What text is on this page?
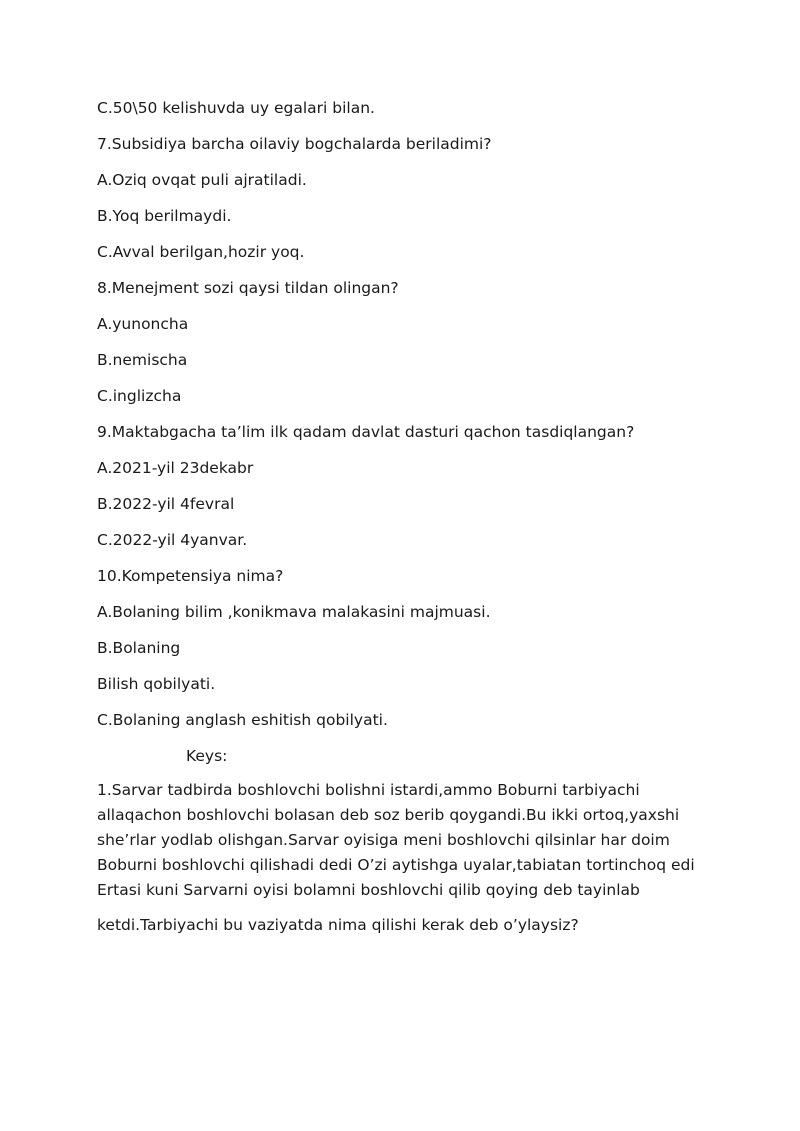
C.50\50 kelishuvda uy egalari bilan.
7.Subsidiya barcha oilaviy bogchalarda beriladimi?
A.Oziq ovqat puli ajratiladi.
B.Yoq berilmaydi.
C.Avval berilgan,hozir yoq.
8.Menejment sozi qaysi tildan olingan?
A.yunoncha
B.nemischa
C.inglizcha
9.Maktabgacha ta’lim ilk qadam davlat dasturi qachon tasdiqlangan?
A.2021-yil 23dekabr
B.2022-yil 4fevral
C.2022-yil 4yanvar.
10.Kompetensiya nima?
A.Bolaning bilim ,konikmava malakasini majmuasi.
B.Bolaning
Bilish qobilyati.
C.Bolaning anglash eshitish qobilyati.
Keys:
1.Sarvar tadbirda boshlovchi bolishni istardi,ammo Boburni tarbiyachi
allaqachon boshlovchi bolasan deb soz berib qoygandi.Bu ikki ortoq,yaxshi
she’rlar yodlab olishgan.Sarvar oyisiga meni boshlovchi qilsinlar har doim
Boburni boshlovchi qilishadi dedi O’zi aytishga uyalar,tabiatan tortinchoq edi
Ertasi kuni Sarvarni oyisi bolamni boshlovchi qilib qoying deb tayinlab
ketdi.Tarbiyachi bu vaziyatda nima qilishi kerak deb o’ylaysiz?
